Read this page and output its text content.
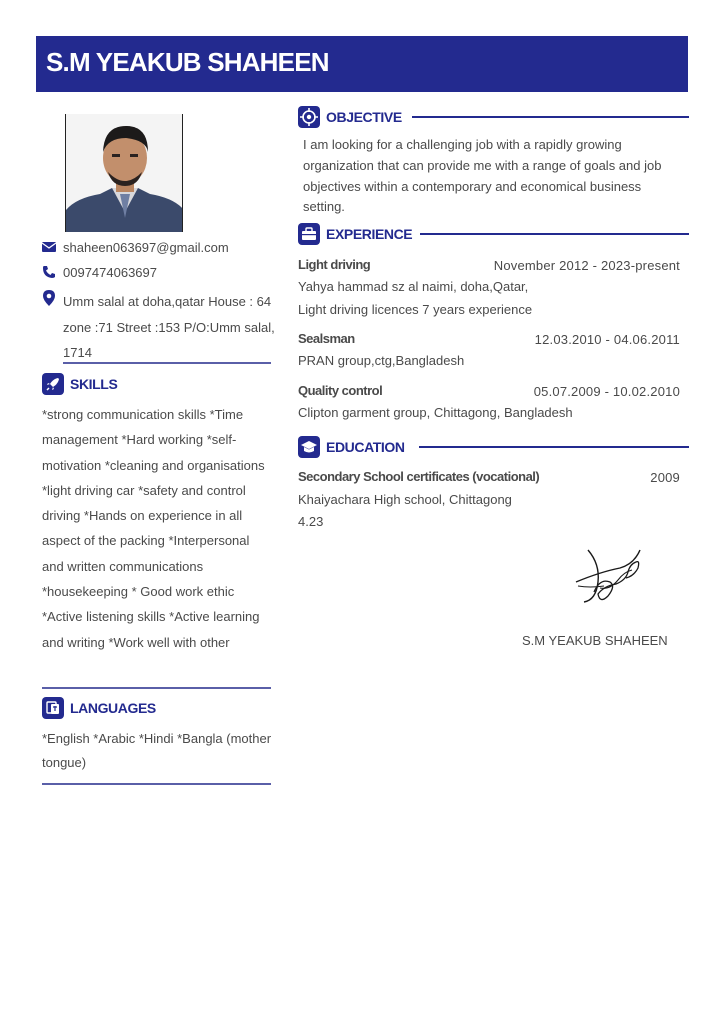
S.M YEAKUB SHAHEEN
shaheen063697@gmail.com
0097474063697
Umm salal at doha,qatar House : 64 zone :71 Street :153 P/O:Umm salal, 1714
SKILLS
*strong communication skills *Time management *Hard working *self-motivation *cleaning and organisations *light driving car *safety and control driving *Hands on experience in all aspect of the packing *Interpersonal and written communications *housekeeping * Good work ethic *Active listening skills *Active learning and writing *Work well with other
LANGUAGES
*English *Arabic *Hindi *Bangla (mother tongue)
OBJECTIVE
I am looking for a challenging job with a rapidly growing organization that can provide me with a range of goals and job objectives within a contemporary and economical business setting.
EXPERIENCE
Light driving	November 2012 - 2023-present
Yahya hammad sz al naimi, doha,Qatar,
Light driving licences 7 years experience
Sealsman	12.03.2010 - 04.06.2011
PRAN group,ctg,Bangladesh
Quality control	05.07.2009 - 10.02.2010
Clipton garment group, Chittagong, Bangladesh
EDUCATION
Secondary School certificates (vocational)	2009
Khaiyachara High school, Chittagong
4.23
S.M YEAKUB SHAHEEN
